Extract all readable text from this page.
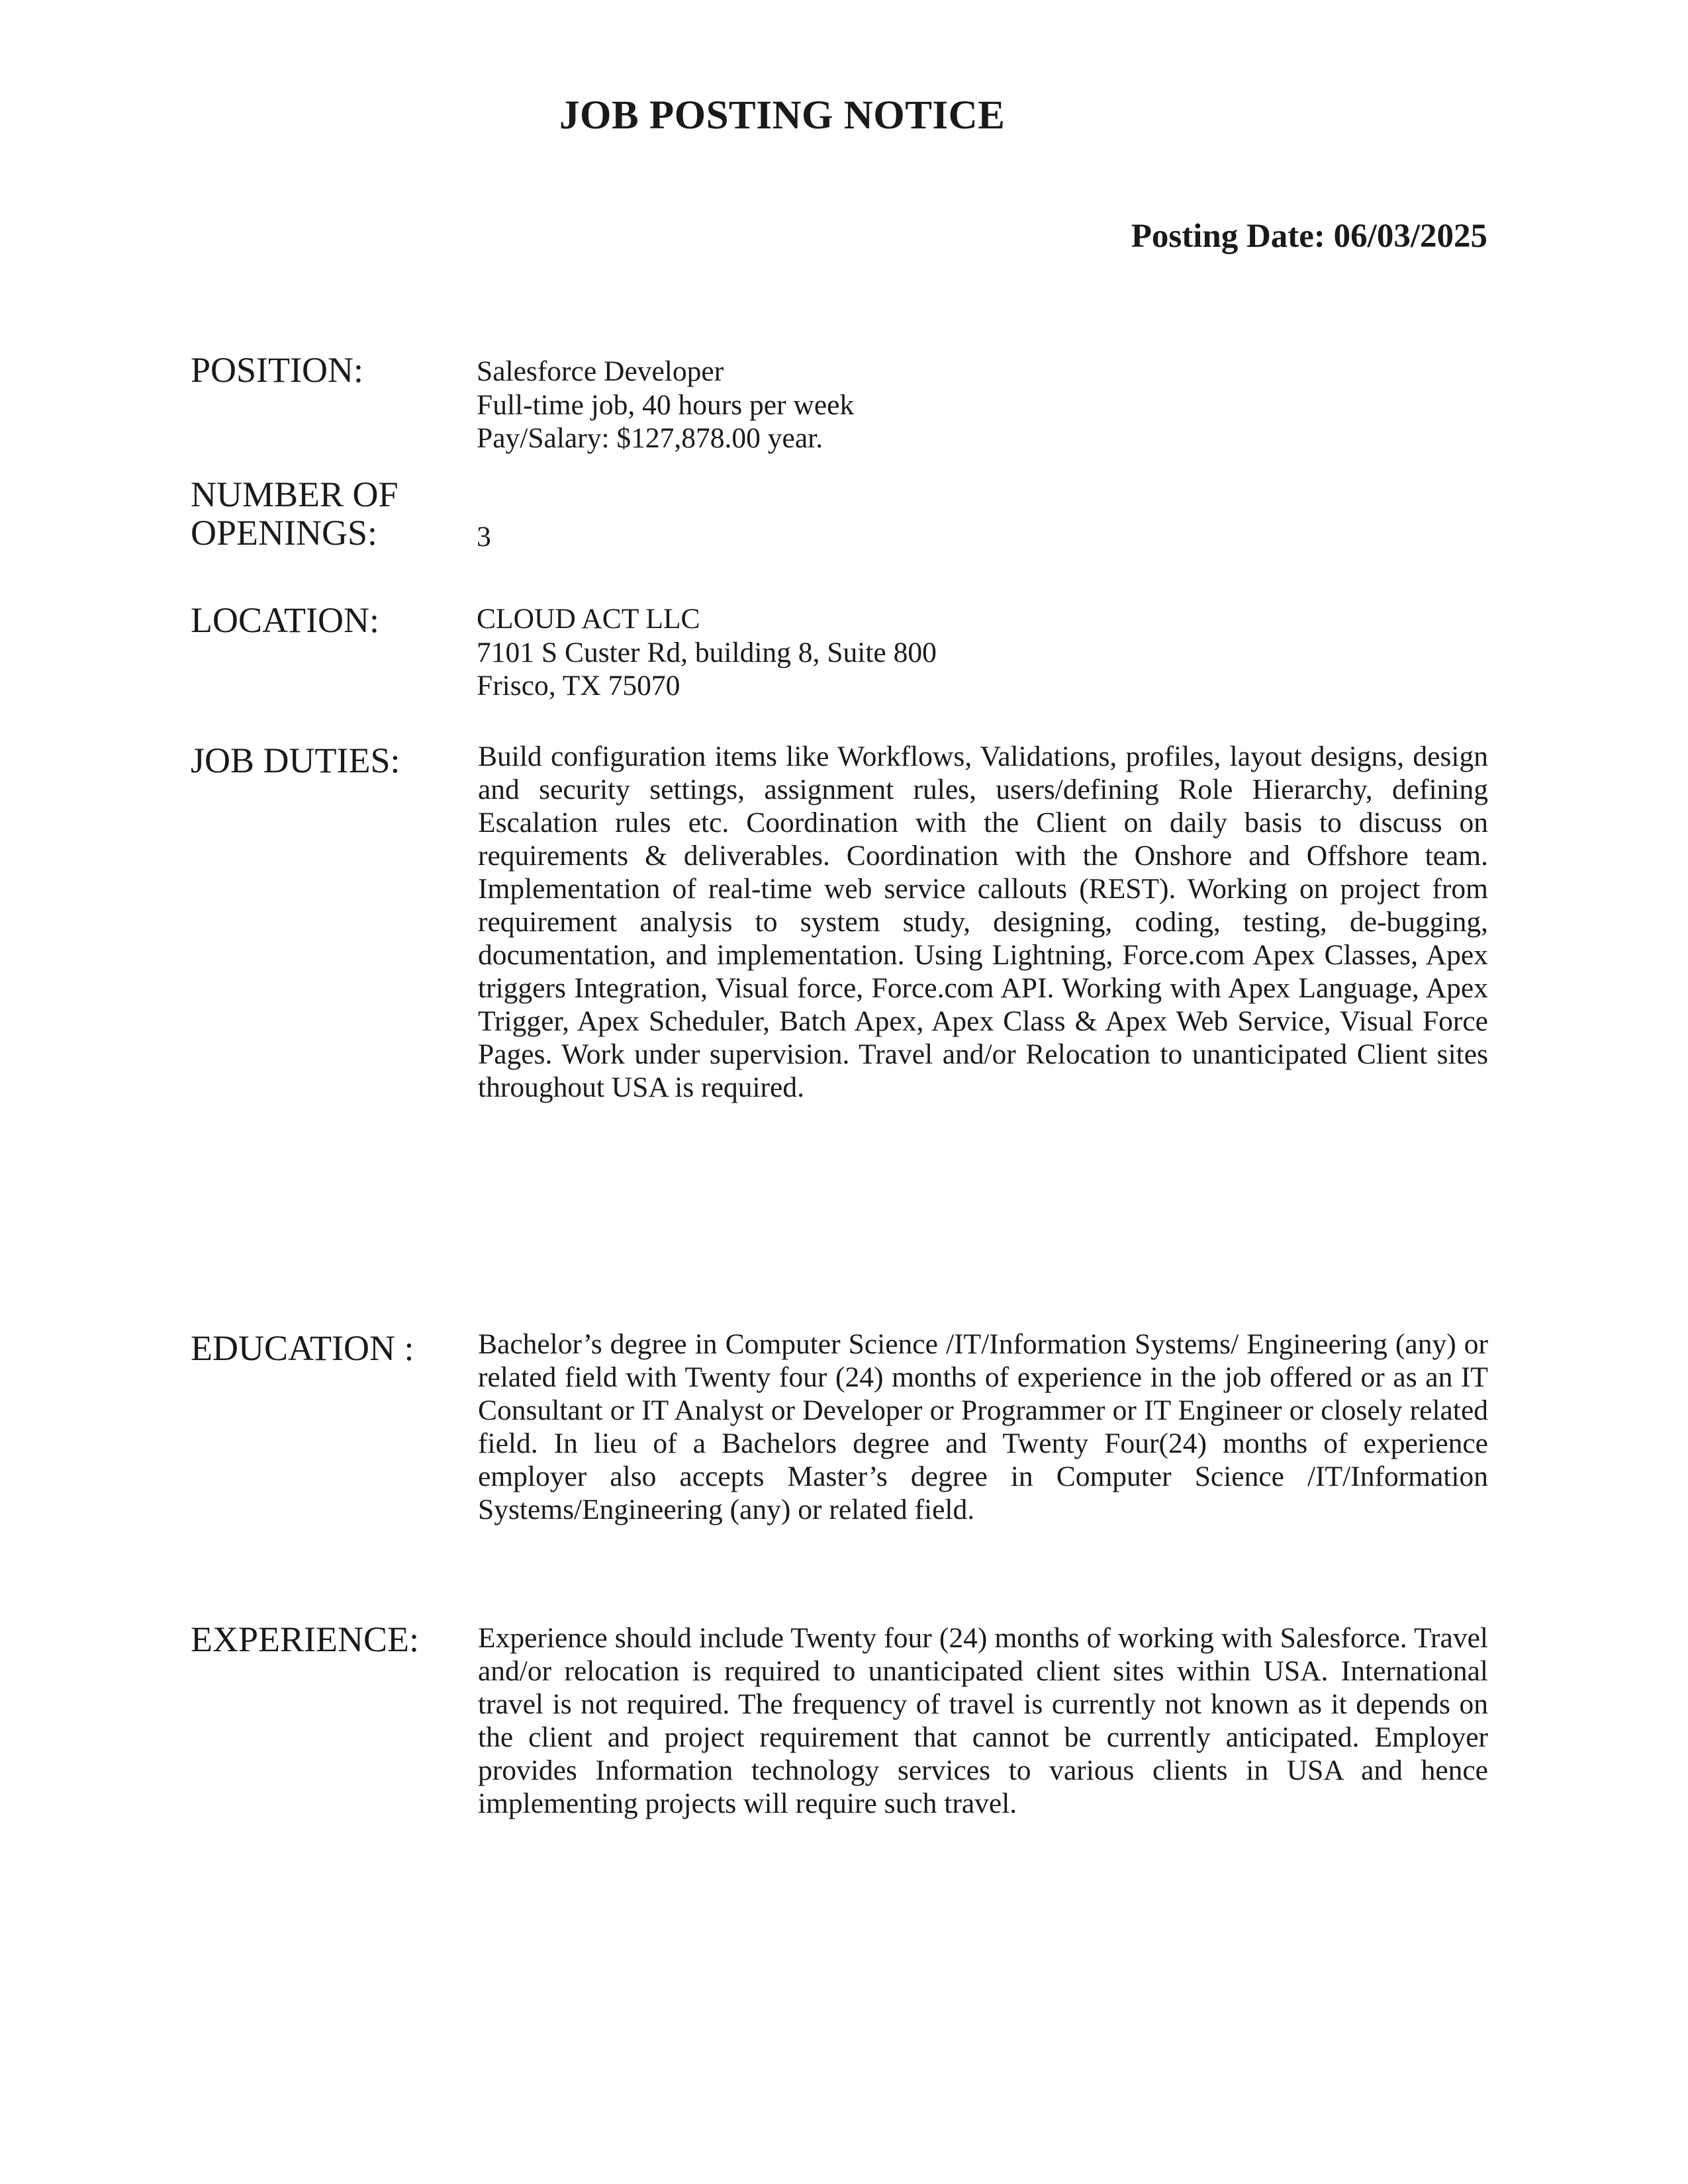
JOB POSTING NOTICE
Posting Date: 06/03/2025
POSITION:	Salesforce Developer
Full-time job, 40 hours per week
Pay/Salary: $127,878.00 year.
NUMBER OF
OPENINGS:	3
LOCATION:	CLOUD ACT LLC
7101 S Custer Rd, building 8, Suite 800
Frisco, TX 75070
JOB DUTIES:	Build configuration items like Workflows, Validations, profiles, layout designs, design and security settings, assignment rules, users/defining Role Hierarchy, defining Escalation rules etc. Coordination with the Client on daily basis to discuss on requirements & deliverables. Coordination with the Onshore and Offshore team. Implementation of real-time web service callouts (REST). Working on project from requirement analysis to system study, designing, coding, testing, de-bugging, documentation, and implementation. Using Lightning, Force.com Apex Classes, Apex triggers Integration, Visual force, Force.com API. Working with Apex Language, Apex Trigger, Apex Scheduler, Batch Apex, Apex Class & Apex Web Service, Visual Force Pages. Work under supervision. Travel and/or Relocation to unanticipated Client sites throughout USA is required.
EDUCATION : Bachelor’s degree in Computer Science /IT/Information Systems/ Engineering (any) or related field with Twenty four (24) months of experience in the job offered or as an IT Consultant or IT Analyst or Developer or Programmer or IT Engineer or closely related field. In lieu of a Bachelors degree and Twenty Four(24) months of experience employer also accepts Master’s degree in Computer Science /IT/Information Systems/Engineering (any) or related field.
EXPERIENCE: Experience should include Twenty four (24) months of working with Salesforce. Travel and/or relocation is required to unanticipated client sites within USA. International travel is not required. The frequency of travel is currently not known as it depends on the client and project requirement that cannot be currently anticipated. Employer provides Information technology services to various clients in USA and hence implementing projects will require such travel.
